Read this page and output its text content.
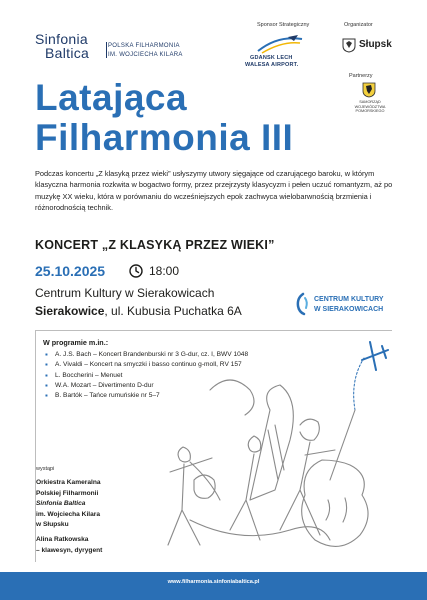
Sinfonia
Baltica	POLSKA FILHARMONIA
IM. WOJCIECHA KILARA
Sponsor Strategiczny	Organizator
GDANSK LECH
WALESA AIRPORT.
Słupsk
Partnerzy
SAMORZĄD WOJEWÓDZTWA POMORSKIEGO
Latająca
Filharmonia III

Podczas koncertu „Z klasyką przez wieki” usłyszymy utwory sięgające od czarującego baroku, w którym klasyczna harmonia rozkwita w bogactwo formy, przez przejrzysty klasycyzm i pełen uczuć romantyzm, aż po muzykę XX wieku, która w porównaniu do wcześniejszych epok zachwyca wielobarwnością brzmienia i różnorodnością technik.

KONCERT „Z KLASYKĄ PRZEZ WIEKI”
25.10.2025	18:00
Centrum Kultury w Sierakowicach
Sierakowice, ul. Kubusia Puchatka 6A
CENTRUM KULTURY
W SIERAKOWICACH
W programie m.in.:
▪ A. J.S. Bach – Koncert Brandenburski nr 3 G-dur, cz. I, BWV 1048
▪ A. Vivaldi – Koncert na smyczki i basso continuo g-moll, RV 157
▪ L. Boccherini – Menuet
▪ W.A. Mozart – Divertimento D-dur
▪ B. Bartók – Tańce rumuńskie nr 5–7
wystąpi
Orkiestra Kameralna
Polskiej Filharmonii
Sinfonia Baltica
im. Wojciecha Kilara
w Słupsku
Alina Ratkowska
– klawesyn, dyrygent
www.filharmonia.sinfoniabaltica.pl
